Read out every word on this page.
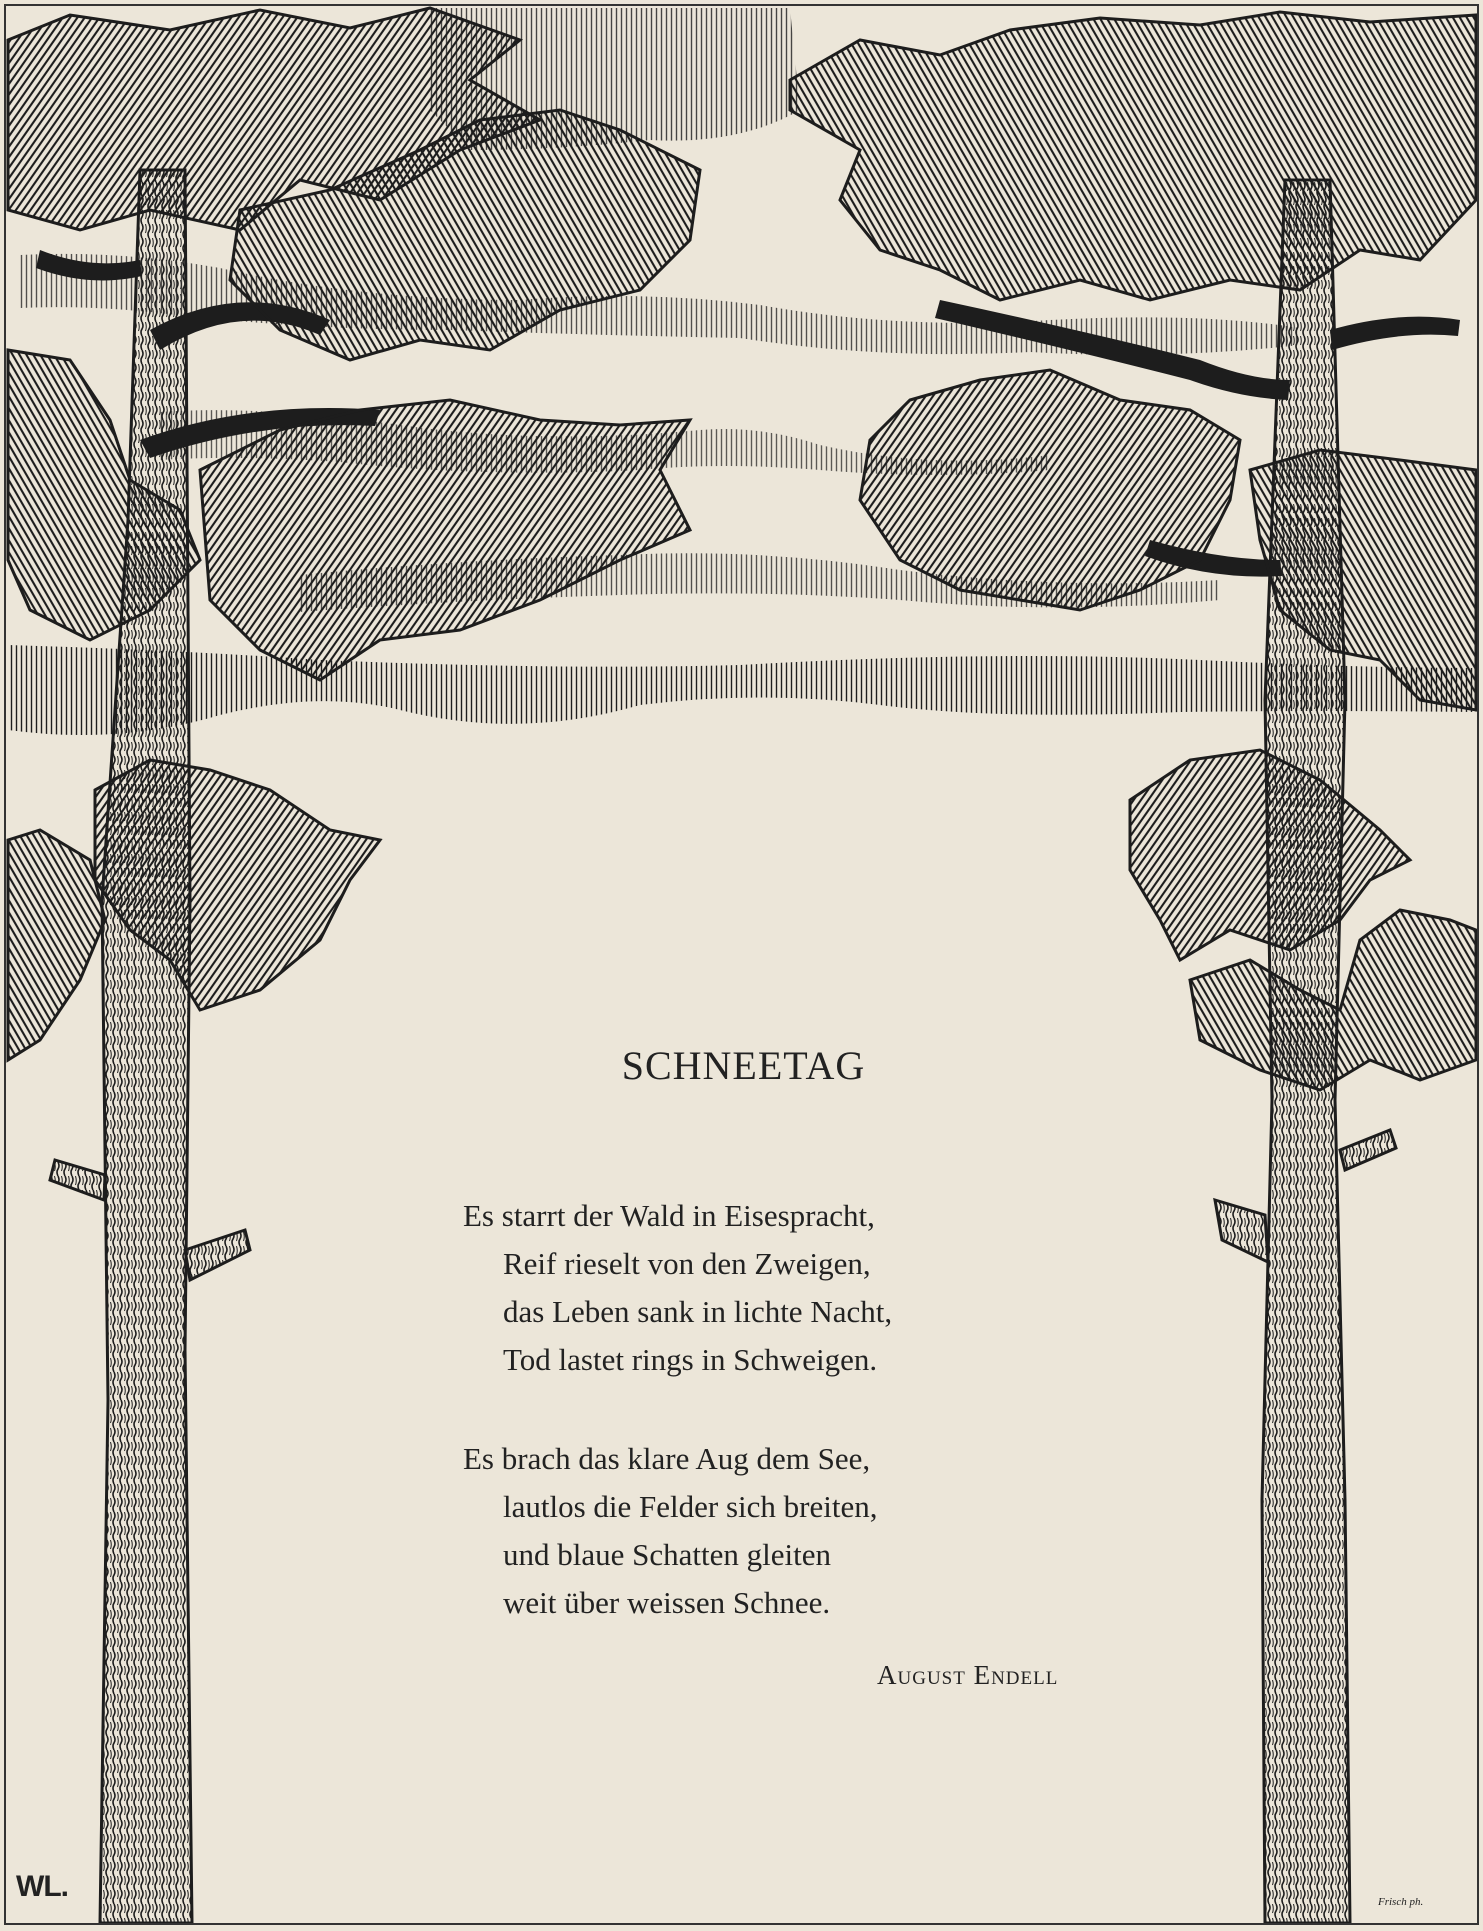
SCHNEETAG
Es starrt der Wald in Eisespracht,
Reif rieselt von den Zweigen,
das Leben sank in lichte Nacht,
Tod lastet rings in Schweigen.
Es brach das klare Aug dem See,
lautlos die Felder sich breiten,
und blaue Schatten gleiten
weit über weissen Schnee.
August Endell
WL.	Frisch ph.
